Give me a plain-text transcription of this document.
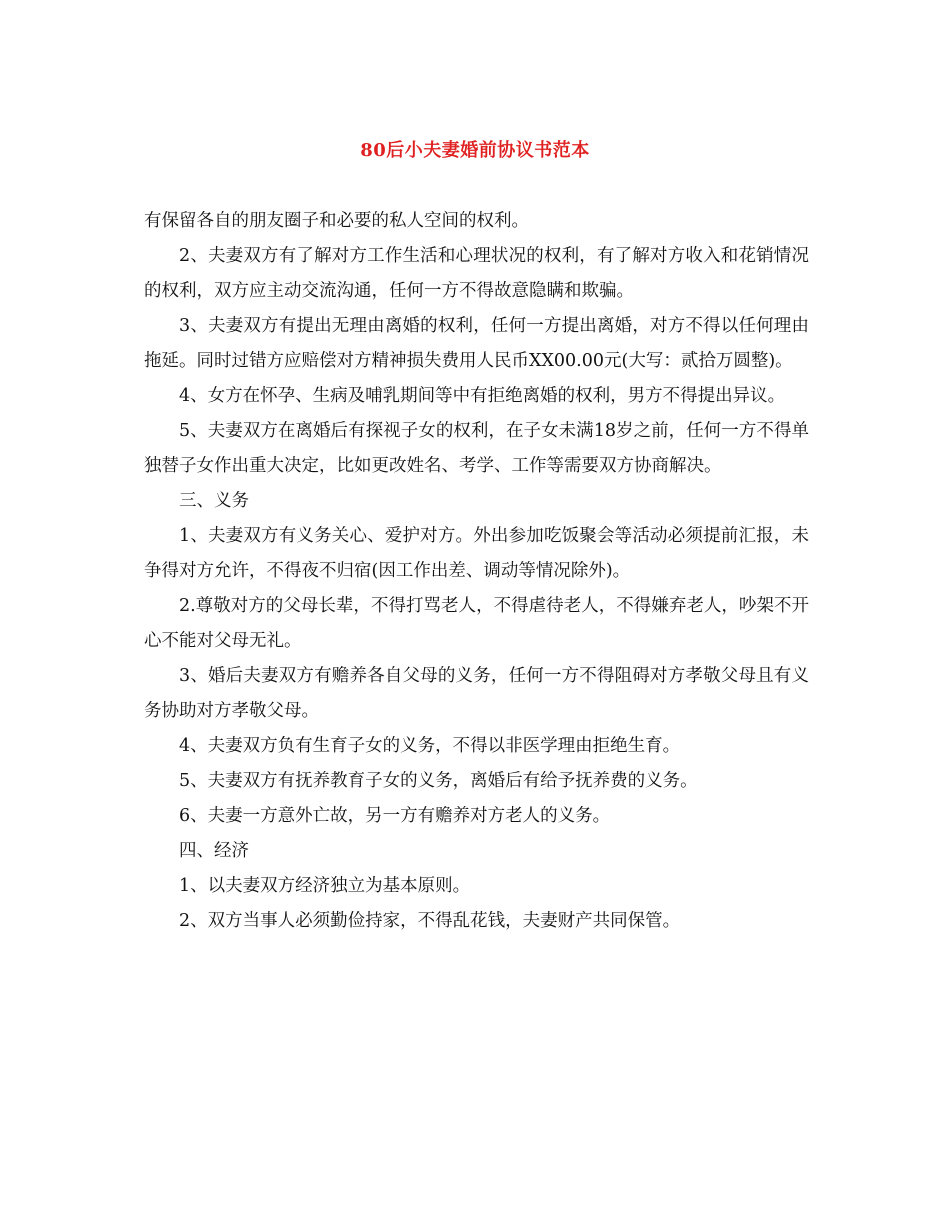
80后小夫妻婚前协议书范本

有保留各自的朋友圈子和必要的私人空间的权利。

2、夫妻双方有了解对方工作生活和心理状况的权利，有了解对方收入和花销情况的权利，双方应主动交流沟通，任何一方不得故意隐瞒和欺骗。

3、夫妻双方有提出无理由离婚的权利，任何一方提出离婚，对方不得以任何理由拖延。同时过错方应赔偿对方精神损失费用人民币XX00.00元(大写：贰拾万圆整)。

4、女方在怀孕、生病及哺乳期间等中有拒绝离婚的权利，男方不得提出异议。

5、夫妻双方在离婚后有探视子女的权利，在子女未满18岁之前，任何一方不得单独替子女作出重大决定，比如更改姓名、考学、工作等需要双方协商解决。

三、义务

1、夫妻双方有义务关心、爱护对方。外出参加吃饭聚会等活动必须提前汇报，未争得对方允许，不得夜不归宿(因工作出差、调动等情况除外)。

2.尊敬对方的父母长辈，不得打骂老人，不得虐待老人，不得嫌弃老人，吵架不开心不能对父母无礼。

3、婚后夫妻双方有赡养各自父母的义务，任何一方不得阻碍对方孝敬父母且有义务协助对方孝敬父母。

4、夫妻双方负有生育子女的义务，不得以非医学理由拒绝生育。

5、夫妻双方有抚养教育子女的义务，离婚后有给予抚养费的义务。

6、夫妻一方意外亡故，另一方有赡养对方老人的义务。

四、经济

1、以夫妻双方经济独立为基本原则。

2、双方当事人必须勤俭持家，不得乱花钱，夫妻财产共同保管。
